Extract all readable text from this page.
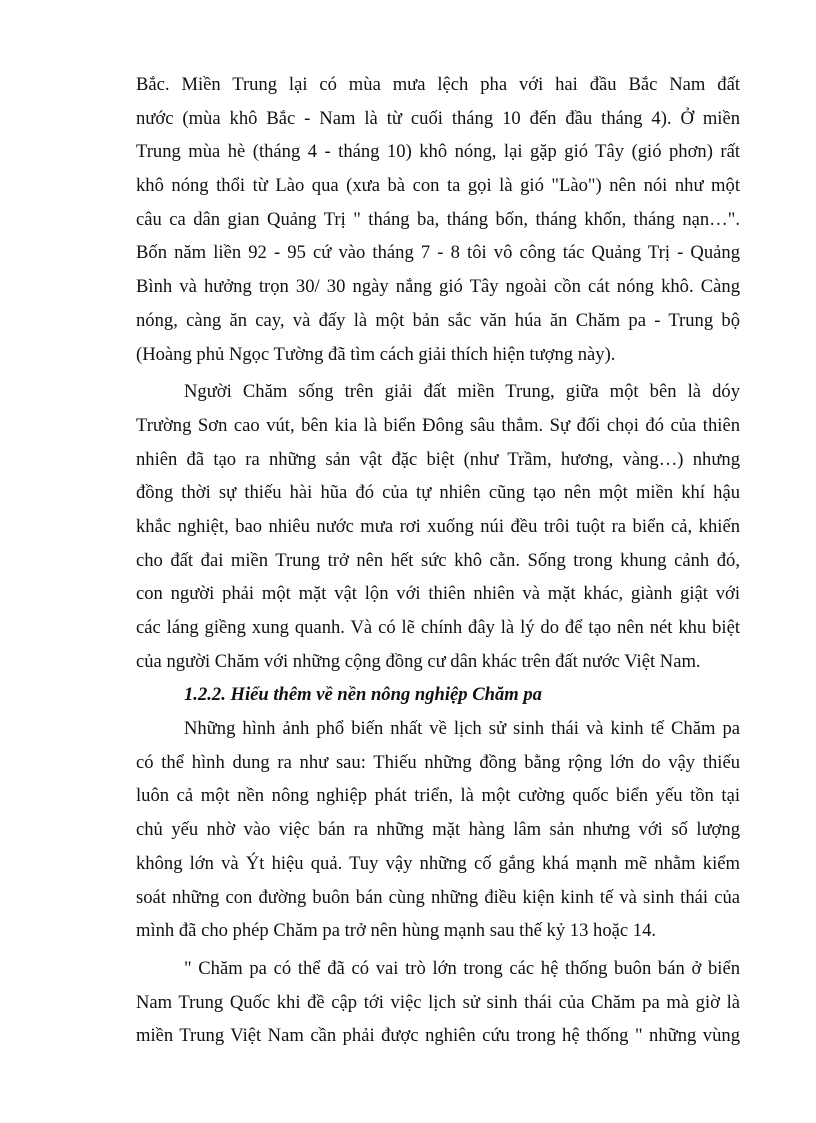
Bắc. Miền Trung lại có mùa mưa lệch pha với hai đầu Bắc Nam đất
nước (mùa khô Bắc - Nam là từ cuối tháng 10 đến đầu tháng 4). Ở miền
Trung mùa hè (tháng 4 - tháng 10) khô nóng, lại gặp gió Tây (gió phơn) rất
khô nóng thổi từ Lào qua (xưa bà con ta gọi là gió "Lào") nên nói như một
câu ca dân gian Quảng Trị " tháng ba, tháng bốn, tháng khốn, tháng nạn…".
Bốn năm liền 92 - 95 cứ vào tháng 7 - 8 tôi vô công tác Quảng Trị - Quảng
Bình và hưởng trọn 30/ 30 ngày nắng gió Tây ngoài cồn cát nóng khô. Càng
nóng, càng ăn cay, và đấy là một bản sắc văn húa ăn Chăm pa - Trung bộ
(Hoàng phủ Ngọc Tường đã tìm cách giải thích hiện tượng này).
Người Chăm sống trên giải đất miền Trung, giữa một bên là dóy
Trường Sơn cao vút, bên kia là biển Đông sâu thẳm. Sự đối chọi đó của thiên
nhiên đã tạo ra những sản vật đặc biệt (như Trầm, hương, vàng…) nhưng
đồng thời sự thiếu hài hũa đó của tự nhiên cũng tạo nên một miền khí hậu
khắc nghiệt, bao nhiêu nước mưa rơi xuống núi đều trôi tuột ra biển cả, khiến
cho đất đai miền Trung trở nên hết sức khô cằn. Sống trong khung cảnh đó,
con người phải một mặt vật lộn với thiên nhiên và mặt khác, giành giật với
các láng giềng xung quanh. Và có lẽ chính đây là lý do để tạo nên nét khu biệt
của người Chăm với những cộng đồng cư dân khác trên đất nước Việt Nam.
1.2.2. Hiểu thêm về nền nông nghiệp Chăm pa
Những hình ảnh phổ biến nhất về lịch sử sinh thái và kinh tế Chăm pa
có thể hình dung ra như sau: Thiếu những đồng bằng rộng lớn do vậy thiếu
luôn cả một nền nông nghiệp phát triển, là một cường quốc biển yếu tồn tại
chủ yếu nhờ vào việc bán ra những mặt hàng lâm sản nhưng với số lượng
không lớn và Ýt hiệu quả. Tuy vậy những cố gắng khá mạnh mẽ nhằm kiểm
soát những con đường buôn bán cùng những điều kiện kinh tế và sinh thái của
mình đã cho phép Chăm pa trở nên hùng mạnh sau thế kỷ 13 hoặc 14.
" Chăm pa có thể đã có vai trò lớn trong các hệ thống buôn bán ở biển
Nam Trung Quốc khi đề cập tới việc lịch sử sinh thái của Chăm pa mà giờ là
miền Trung Việt Nam cần phải được nghiên cứu trong hệ thống " những vùng
